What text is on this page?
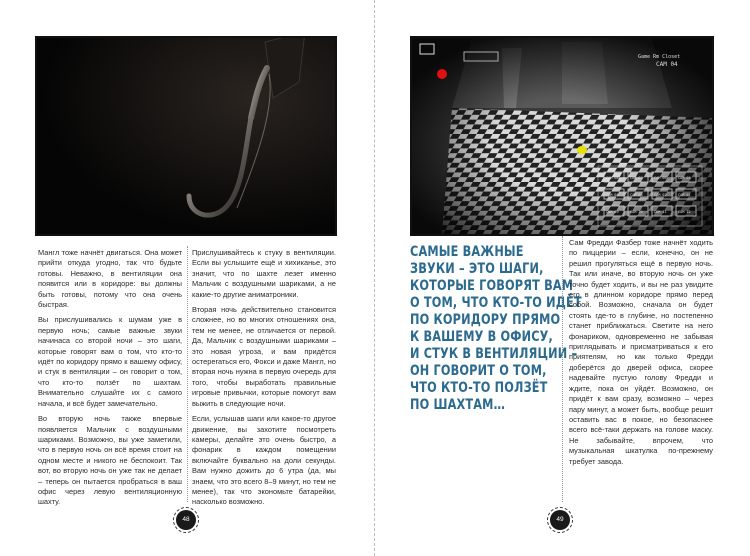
Мангл тоже начнёт двигаться. Она может прийти откуда угодно, так что будьте готовы. Неважно, в вентиляции она появится или в коридоре: вы должны быть готовы, потому что она очень быстрая.

Вы прислушивались к шумам уже в первую ночь; самые важные звуки начинаса со второй ночи – это шаги, которые говорят вам о том, что кто-то идёт по коридору прямо к вашему офису, и стук в вентиляции – он говорит о том, что кто-то ползёт по шахтам. Внимательно слушайте их с самого начала, и всё будет замечательно.

Во вторую ночь также впервые появляется Мальчик с воздушными шариками. Возможно, вы уже заметили, что в первую ночь он всё время стоит на одном месте и никого не беспокоит. Так вот, во вторую ночь он уже так не делает – теперь он пытается пробраться в ваш офис через левую вентиляционную шахту.

Прислушивайтесь к стуку в вентиляции. Если вы услышите ещё и хихиканье, это значит, что по шахте лезет именно Мальчик с воздушными шариками, а не какие-то другие аниматроники.

Вторая ночь действительно становится сложнее, но во многих отношениях она, тем не менее, не отличается от первой. Да, Мальчик с воздушными шариками – это новая угроза, и вам придётся остерегаться его, Фокси и даже Мангл, но вторая ночь нужна в первую очередь для того, чтобы выработать правильные игровые привычки, которые помогут вам выжить в следующие ночи.

Если, услышав шаги или какое-то другое движение, вы захотите посмотреть камеры, делайте это очень быстро, а фонарик в каждом помещении включайте буквально на доли секунды. Вам нужно дожить до 6 утра (да, мы знаем, что это всего 8–9 минут, но тем не менее), так что экономьте батарейки, насколько возможно.

48
Game Rm Closet
CAM 04
CAM 08	CAM 07	CAM 06	CAM 05
CAM 04	CAM 03	CAM 02	CAM 01
CAM 09	CAM 10	CAM 11	CAM 12
САМЫЕ ВАЖНЫЕ
ЗВУКИ – ЭТО ШАГИ,
КОТОРЫЕ ГОВОРЯТ ВАМ
О ТОМ, ЧТО КТО-ТО ИДЁТ
ПО КОРИДОРУ ПРЯМО
К ВАШЕМУ В ОФИСУ,
И СТУК В ВЕНТИЛЯЦИИ –
ОН ГОВОРИТ О ТОМ,
ЧТО КТО-ТО ПОЛЗЁТ
ПО ШАХТАМ…

Сам Фредди Фазбер тоже начнёт ходить по пиццерии – если, конечно, он не решил прогуляться ещё в первую ночь. Так или иначе, во вторую ночь он уже точно будет ходить, и вы не раз увидите его в длинном коридоре прямо перед собой. Возможно, сначала он будет стоять где-то в глубине, но постепенно станет приближаться. Светите на него фонариком, одновременно не забывая приглядывать и присматриваться к его приятелям, но как только Фредди доберётся до дверей офиса, скорее надевайте пустую голову Фредди и ждите, пока он уйдёт. Возможно, он придёт к вам сразу, возможно – через пару минут, а может быть, вообще решит оставить вас в покое, но безопаснее всего всё-таки держать на голове маску. Не забывайте, впрочем, что музыкальная шкатулка по-прежнему требует завода.

49
